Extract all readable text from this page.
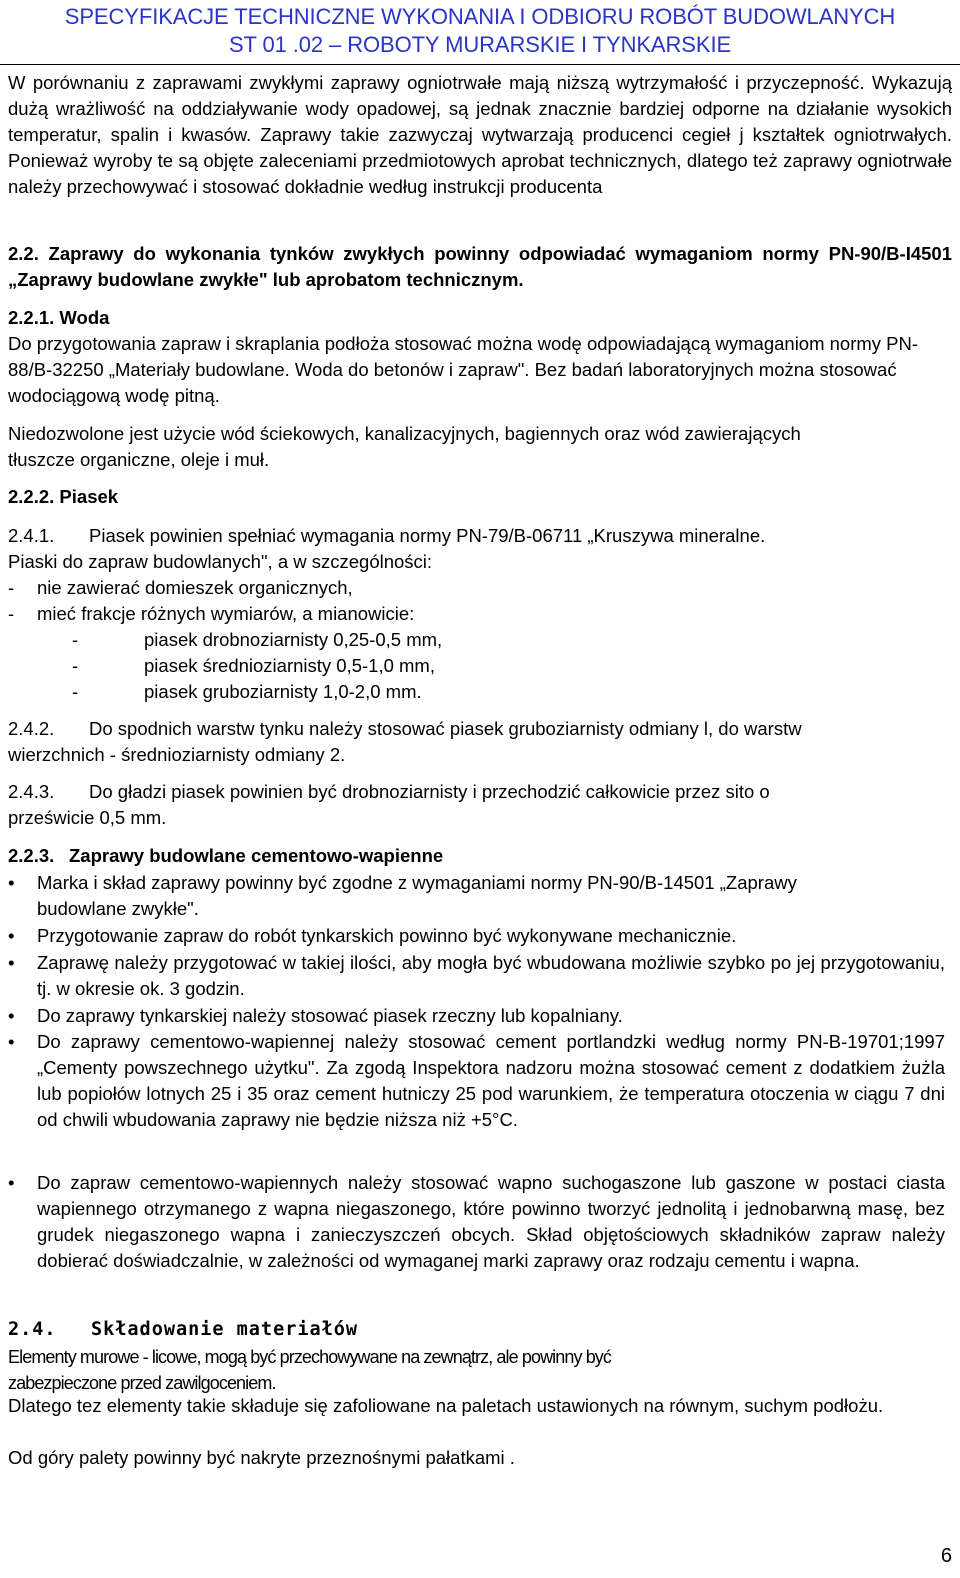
SPECYFIKACJE TECHNICZNE WYKONANIA I ODBIORU ROBÓT BUDOWLANYCH
ST 01 .02 – ROBOTY MURARSKIE I TYNKARSKIE

W porównaniu z zaprawami zwykłymi zaprawy ogniotrwałe mają niższą wytrzymałość i przyczepność. Wykazują dużą wrażliwość na oddziaływanie wody opadowej, są jednak znacznie bardziej odporne na działanie wysokich temperatur, spalin i kwasów. Zaprawy takie zazwyczaj wytwarzają producenci cegieł j kształtek ogniotrwałych. Ponieważ wyroby te są objęte zaleceniami przedmiotowych aprobat technicznych, dlatego też zaprawy ogniotrwałe należy przechowywać i stosować dokładnie według instrukcji producenta

2.2. Zaprawy do wykonania tynków zwykłych powinny odpowiadać wymaganiom normy PN-90/B-I4501 „Zaprawy budowlane zwykłe" lub aprobatom technicznym.

2.2.1. Woda

Do przygotowania zapraw i skraplania podłoża stosować można wodę odpowiadającą wymaganiom normy PN-88/B-32250 „Materiały budowlane. Woda do betonów i zapraw". Bez badań laboratoryjnych można stosować wodociągową wodę pitną.

Niedozwolone jest użycie wód ściekowych, kanalizacyjnych, bagiennych oraz wód zawierających tłuszcze organiczne, oleje i muł.

2.2.2. Piasek
2.4.1. Piasek powinien spełniać wymagania normy PN-79/B-06711 „Kruszywa mineralne.
Piaski do zapraw budowlanych", a w szczególności:
- nie zawierać domieszek organicznych,
- mieć frakcje różnych wymiarów, a mianowicie:
-	piasek drobnoziarnisty 0,25-0,5 mm,
-	piasek średnioziarnisty 0,5-1,0 mm,
-	piasek gruboziarnisty 1,0-2,0 mm.
2.4.2. Do spodnich warstw tynku należy stosować piasek gruboziarnisty odmiany l, do warstw
wierzchnich - średnioziarnisty odmiany 2.
2.4.3. Do gładzi piasek powinien być drobnoziarnisty i przechodzić całkowicie przez sito o
prześwicie 0,5 mm.
2.2.3. Zaprawy budowlane cementowo-wapienne
• Marka i skład zaprawy powinny być zgodne z wymaganiami normy PN-90/B-14501 „Zaprawy budowlane zwykłe".

• Przygotowanie zapraw do robót tynkarskich powinno być wykonywane mechanicznie.

• Zaprawę należy przygotować w takiej ilości, aby mogła być wbudowana możliwie szybko po jej przygotowaniu, tj. w okresie ok. 3 godzin.

• Do zaprawy tynkarskiej należy stosować piasek rzeczny lub kopalniany.

• Do zaprawy cementowo-wapiennej należy stosować cement portlandzki według normy PN-B-19701;1997 „Cementy powszechnego użytku". Za zgodą Inspektora nadzoru można stosować cement z dodatkiem żużla lub popiołów lotnych 25 i 35 oraz cement hutniczy 25 pod warunkiem, że temperatura otoczenia w ciągu 7 dni od chwili wbudowania zaprawy nie będzie niższa niż +5°C.

• Do zapraw cementowo-wapiennych należy stosować wapno suchogaszone lub gaszone w postaci ciasta wapiennego otrzymanego z wapna niegaszonego, które powinno tworzyć jednolitą i jednobarwną masę, bez grudek niegaszonego wapna i zanieczyszczeń obcych. Skład objętościowych składników zapraw należy dobierać doświadczalnie, w zależności od wymaganej marki zaprawy oraz rodzaju cementu i wapna.

2.4. Składowanie materiałów
Elementy murowe - licowe, mogą być przechowywane na zewnątrz, ale powinny być
zabezpieczone przed zawilgoceniem.

Dlatego tez elementy takie składuje się zafoliowane na paletach ustawionych na równym, suchym podłożu.

Od góry palety powinny być nakryte przeznośnymi pałatkami .

6
